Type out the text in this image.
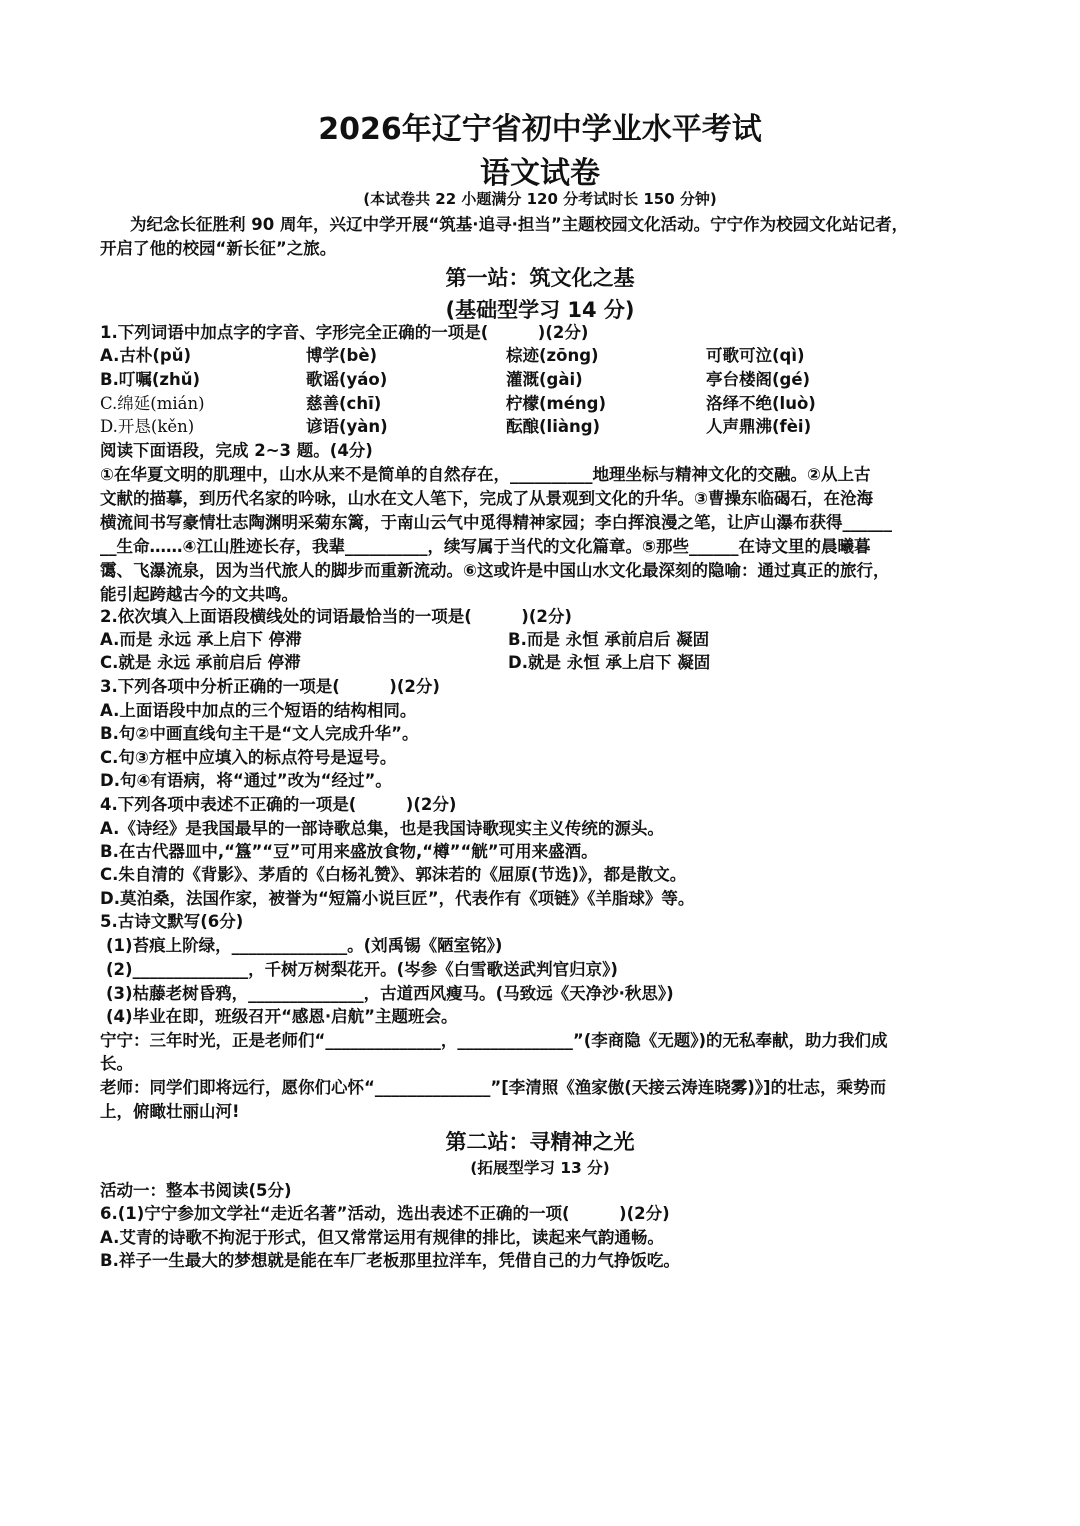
2026年辽宁省初中学业水平考试
语文试卷
(本试卷共 22 小题满分 120 分考试时长 150 分钟)
为纪念长征胜利 90 周年，兴辽中学开展“筑基·追寻·担当”主题校园文化活动。宁宁作为校园文化站记者，
开启了他的校园“新长征”之旅。
第一站：筑文化之基
(基础型学习 14 分)
1.下列词语中加点字的字音、字形完全正确的一项是(　　　)(2分)
A.古朴(pǔ)	博学(bè)	棕迹(zōng)	可歌可泣(qì)
B.叮嘱(zhǔ)	歌谣(yáo)	灌溉(gài)	亭台楼阁(gé)
C.绵延(mián)	慈善(chī)	柠檬(méng)	洛绎不绝(luò)
D.开恳(kěn)	谚语(yàn)	酝酿(liàng)	人声鼎沸(fèi)
阅读下面语段，完成 2~3 题。(4分)
①在华夏文明的肌理中，山水从来不是简单的自然存在，__________地理坐标与精神文化的交融。②从上古
文献的描摹，到历代名家的吟咏，山水在文人笔下，完成了从景观到文化的升华。③曹操东临碣石，在沧海
横流间书写豪情壮志陶渊明采菊东篱，于南山云气中觅得精神家园；李白挥浪漫之笔，让庐山瀑布获得______
__生命……④江山胜迹长存，我辈__________，续写属于当代的文化篇章。⑤那些______在诗文里的晨曦暮
霭、飞瀑流泉，因为当代旅人的脚步而重新流动。⑥这或许是中国山水文化最深刻的隐喻：通过真正的旅行，
能引起跨越古今的文共鸣。
2.依次填入上面语段横线处的词语最恰当的一项是(　　　)(2分)
A.而是 永远 承上启下 停滞	B.而是 永恒 承前启后 凝固
C.就是 永远 承前启后 停滞	D.就是 永恒 承上启下 凝固
3.下列各项中分析正确的一项是(　　　)(2分)
A.上面语段中加点的三个短语的结构相同。
B.句②中画直线句主干是“文人完成升华”。
C.句③方框中应填入的标点符号是逗号。
D.句④有语病，将“通过”改为“经过”。
4.下列各项中表述不正确的一项是(　　　)(2分)
A.《诗经》是我国最早的一部诗歌总集，也是我国诗歌现实主义传统的源头。
B.在古代器皿中,“簋”“豆”可用来盛放食物,“樽”“觥”可用来盛酒。
C.朱自清的《背影》、茅盾的《白杨礼赞》、郭沫若的《屈原(节选)》，都是散文。
D.莫泊桑，法国作家，被誉为“短篇小说巨匠”，代表作有《项链》《羊脂球》等。
5.古诗文默写(6分)
(1)苔痕上阶绿，______________。(刘禹锡《陋室铭》)
(2)______________，千树万树梨花开。(岑参《白雪歌送武判官归京》)
(3)枯藤老树昏鸦，______________，古道西风瘦马。(马致远《天净沙·秋思》)
(4)毕业在即，班级召开“感恩·启航”主题班会。
宁宁：三年时光，正是老师们“______________，______________”(李商隐《无题》)的无私奉献，助力我们成
长。
老师：同学们即将远行，愿你们心怀“______________”[李清照《渔家傲(天接云涛连晓雾)》]的壮志，乘势而
上，俯瞰壮丽山河!
第二站：寻精神之光
(拓展型学习 13 分)
活动一：整本书阅读(5分)
6.(1)宁宁参加文学社“走近名著”活动，选出表述不正确的一项(　　　)(2分)
A.艾青的诗歌不拘泥于形式，但又常常运用有规律的排比，读起来气韵通畅。
B.祥子一生最大的梦想就是能在车厂老板那里拉洋车，凭借自己的力气挣饭吃。
